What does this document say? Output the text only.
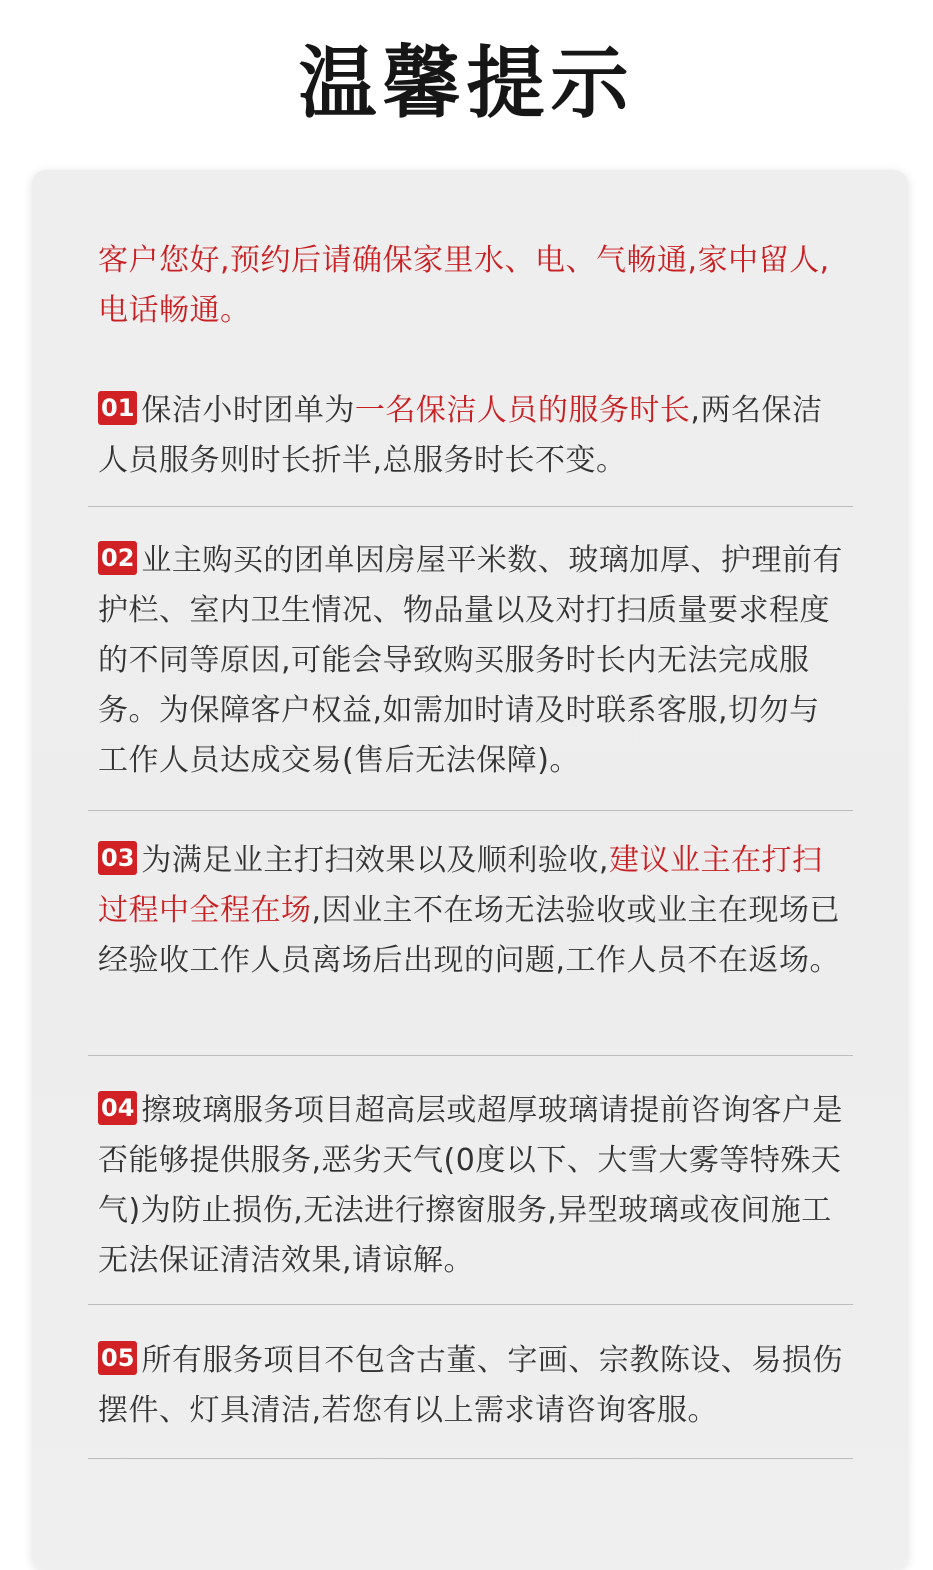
温馨提示
客户您好,预约后请确保家里水、电、气畅通,家中留人,电话畅通。
01 保洁小时团单为一名保洁人员的服务时长,两名保洁人员服务则时长折半,总服务时长不变。
02 业主购买的团单因房屋平米数、玻璃加厚、护理前有护栏、室内卫生情况、物品量以及对打扫质量要求程度的不同等原因,可能会导致购买服务时长内无法完成服务。为保障客户权益,如需加时请及时联系客服,切勿与工作人员达成交易(售后无法保障)。
03 为满足业主打扫效果以及顺利验收,建议业主在打扫过程中全程在场,因业主不在场无法验收或业主在现场已经验收工作人员离场后出现的问题,工作人员不在返场。
04 擦玻璃服务项目超高层或超厚玻璃请提前咨询客户是否能够提供服务,恶劣天气(0度以下、大雪大雾等特殊天气)为防止损伤,无法进行擦窗服务,异型玻璃或夜间施工无法保证清洁效果,请谅解。
05 所有服务项目不包含古董、字画、宗教陈设、易损伤摆件、灯具清洁,若您有以上需求请咨询客服。
